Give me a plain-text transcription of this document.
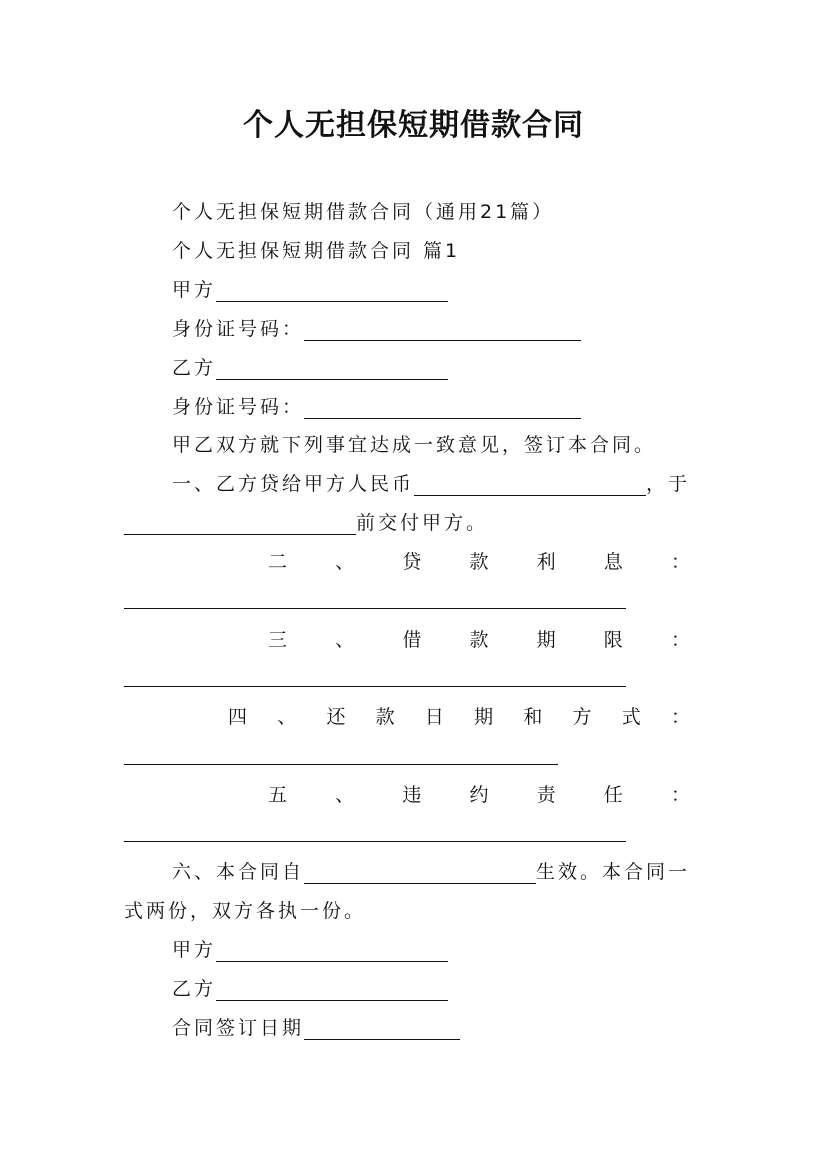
个人无担保短期借款合同
个人无担保短期借款合同（通用21篇）
个人无担保短期借款合同 篇1
甲方
身份证号码：
乙方
身份证号码：
甲乙双方就下列事宜达成一致意见，签订本合同。
一、乙方贷给甲方人民币	，于
前交付甲方。
二	、	贷	款	利	息	：
三	、	借	款	期	限	：
四 、 还 款 日 期 和 方 式 ：
五	、	违	约	责	任	：
六、本合同自	生效。本合同一
式两份，双方各执一份。
甲方
乙方
合同签订日期
